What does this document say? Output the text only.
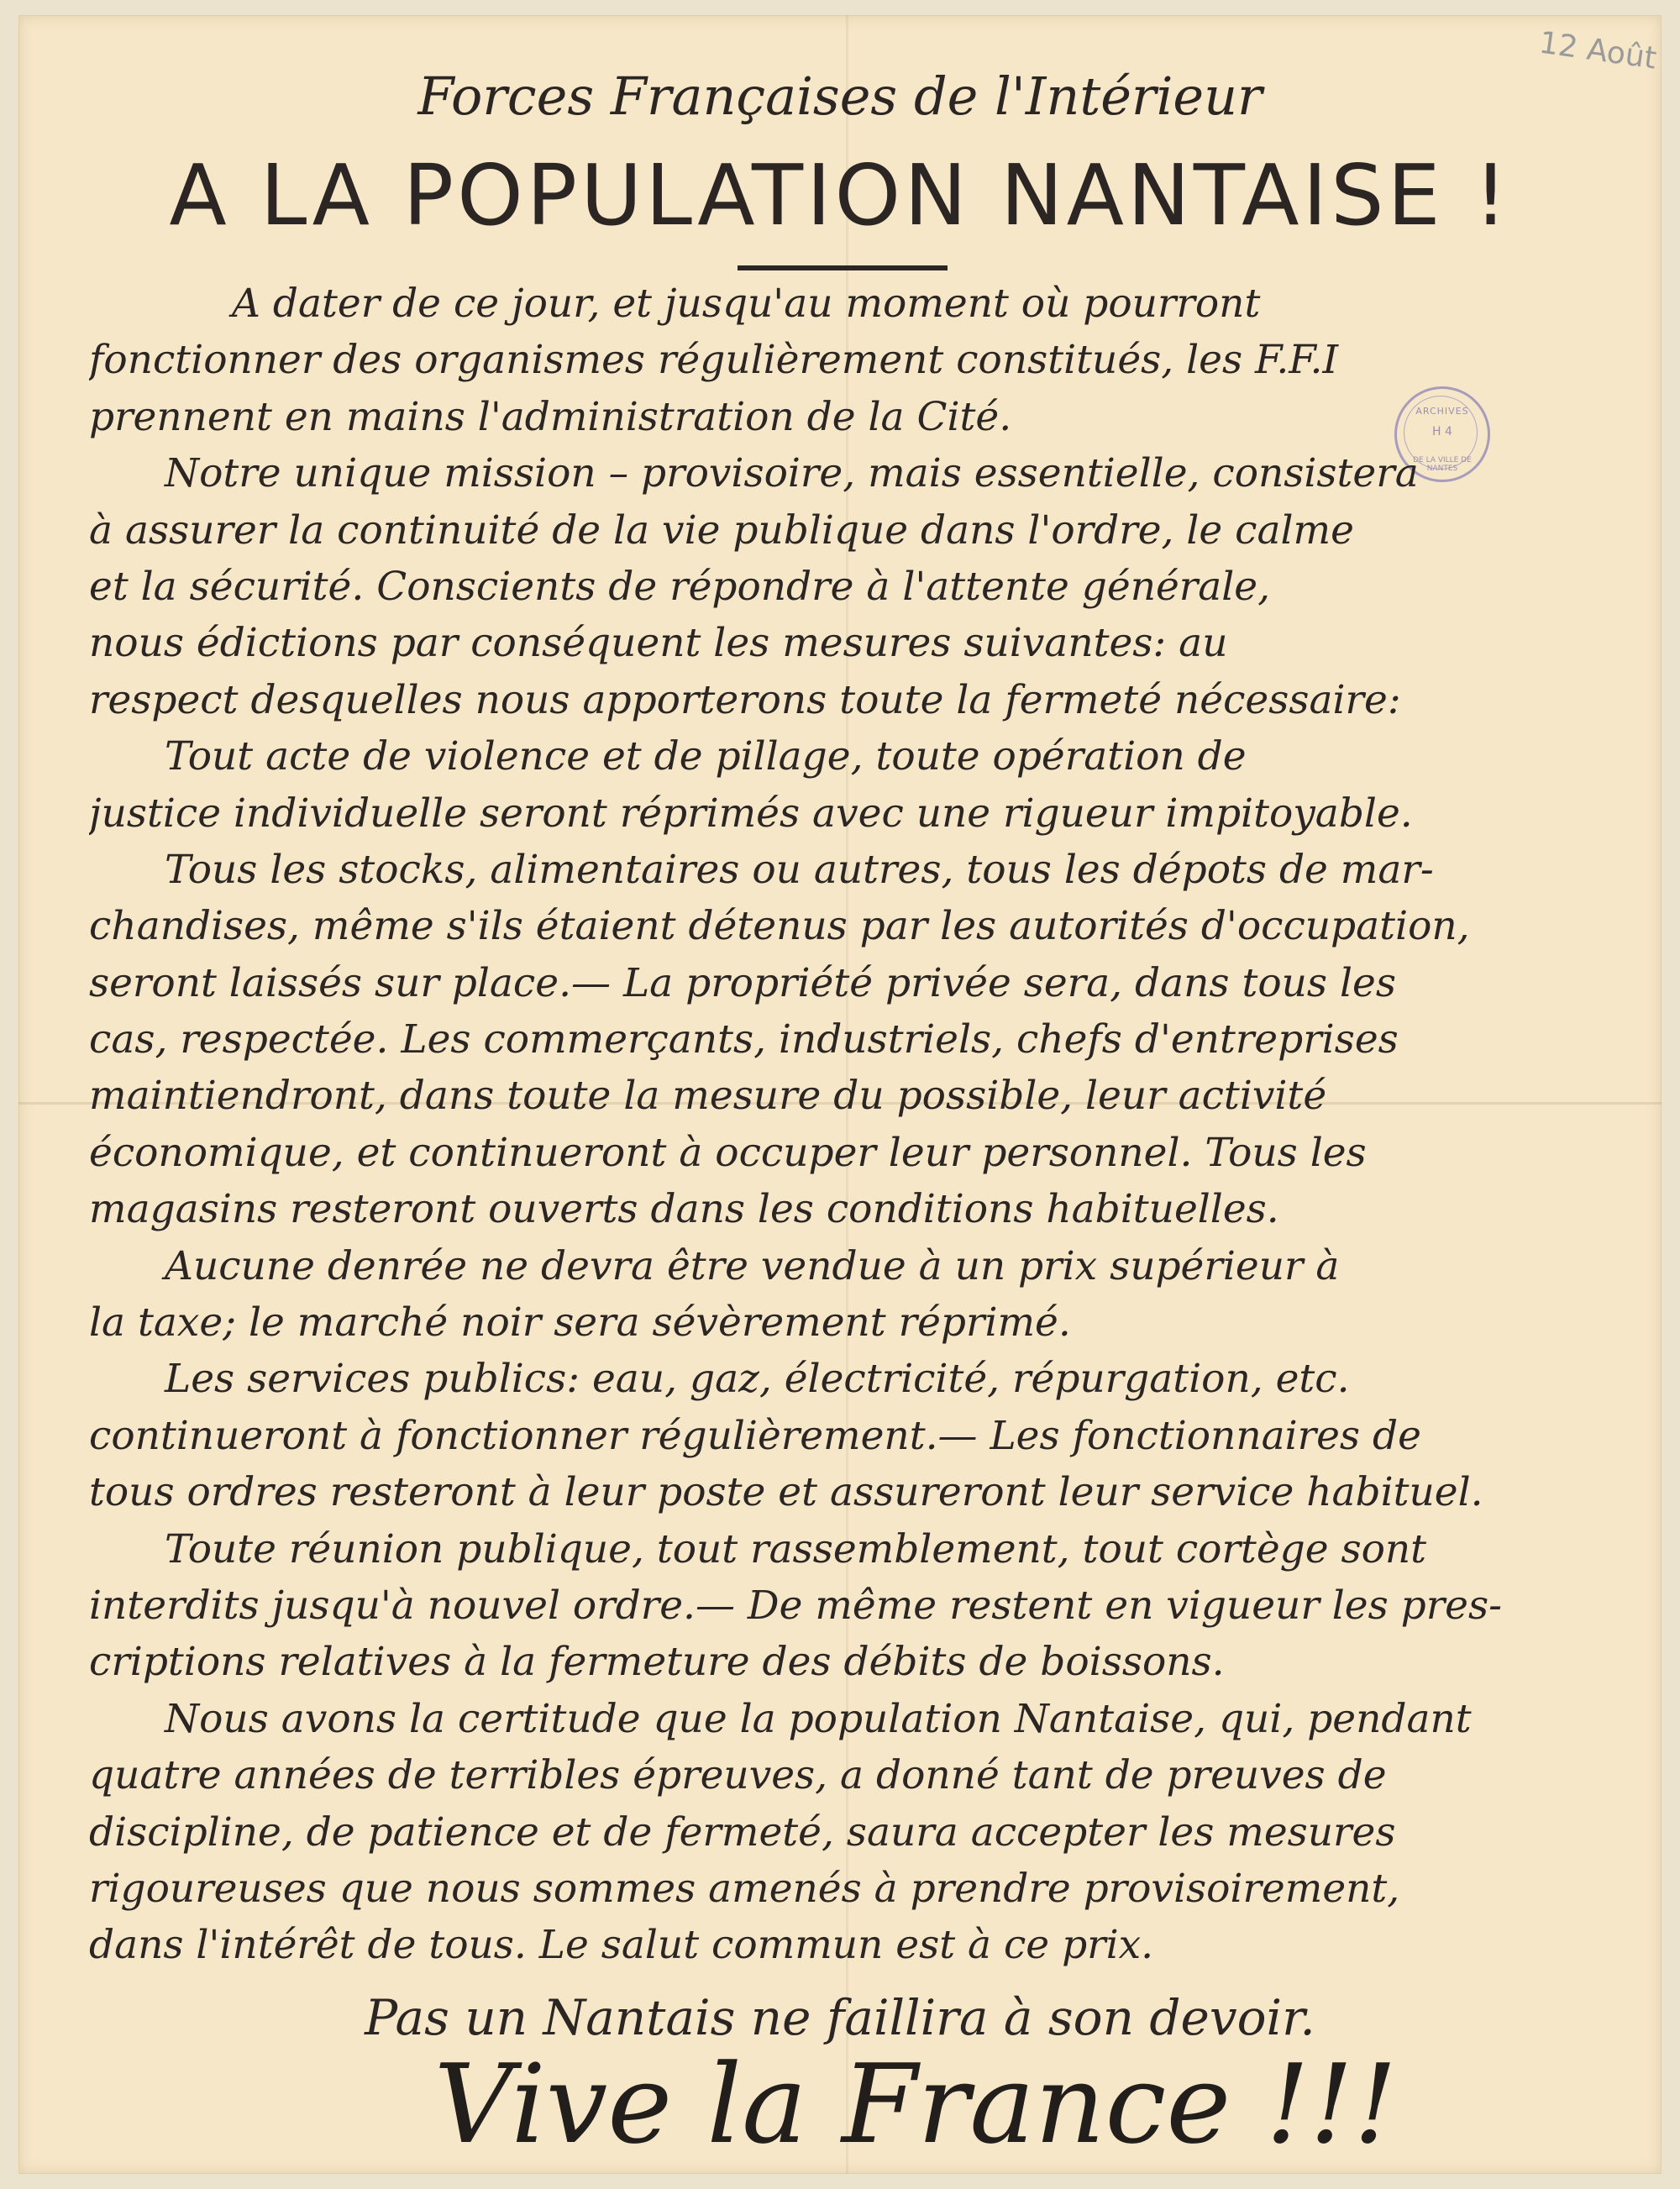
12 Août
ARCHIVES
H 4
DE LA VILLE DE NANTES
Forces Françaises de l'Intérieur
A LA POPULATION NANTAISE !
A dater de ce jour, et jusqu'au moment où pourront
fonctionner des organismes régulièrement constitués, les F.F.I
prennent en mains l'administration de la Cité.
Notre unique mission – provisoire, mais essentielle, consistera
à assurer la continuité de la vie publique dans l'ordre, le calme
et la sécurité. Conscients de répondre à l'attente générale,
nous édictions par conséquent les mesures suivantes: au
respect desquelles nous apporterons toute la fermeté nécessaire:
Tout acte de violence et de pillage, toute opération de
justice individuelle seront réprimés avec une rigueur impitoyable.
Tous les stocks, alimentaires ou autres, tous les dépots de mar-
chandises, même s'ils étaient détenus par les autorités d'occupation,
seront laissés sur place.— La propriété privée sera, dans tous les
cas, respectée. Les commerçants, industriels, chefs d'entreprises
maintiendront, dans toute la mesure du possible, leur activité
économique, et continueront à occuper leur personnel. Tous les
magasins resteront ouverts dans les conditions habituelles.
Aucune denrée ne devra être vendue à un prix supérieur à
la taxe; le marché noir sera sévèrement réprimé.
Les services publics: eau, gaz, électricité, répurgation, etc.
continueront à fonctionner régulièrement.— Les fonctionnaires de
tous ordres resteront à leur poste et assureront leur service habituel.
Toute réunion publique, tout rassemblement, tout cortège sont
interdits jusqu'à nouvel ordre.— De même restent en vigueur les pres-
criptions relatives à la fermeture des débits de boissons.
Nous avons la certitude que la population Nantaise, qui, pendant
quatre années de terribles épreuves, a donné tant de preuves de
discipline, de patience et de fermeté, saura accepter les mesures
rigoureuses que nous sommes amenés à prendre provisoirement,
dans l'intérêt de tous. Le salut commun est à ce prix.
Pas un Nantais ne faillira à son devoir.
Vive la France !!!
